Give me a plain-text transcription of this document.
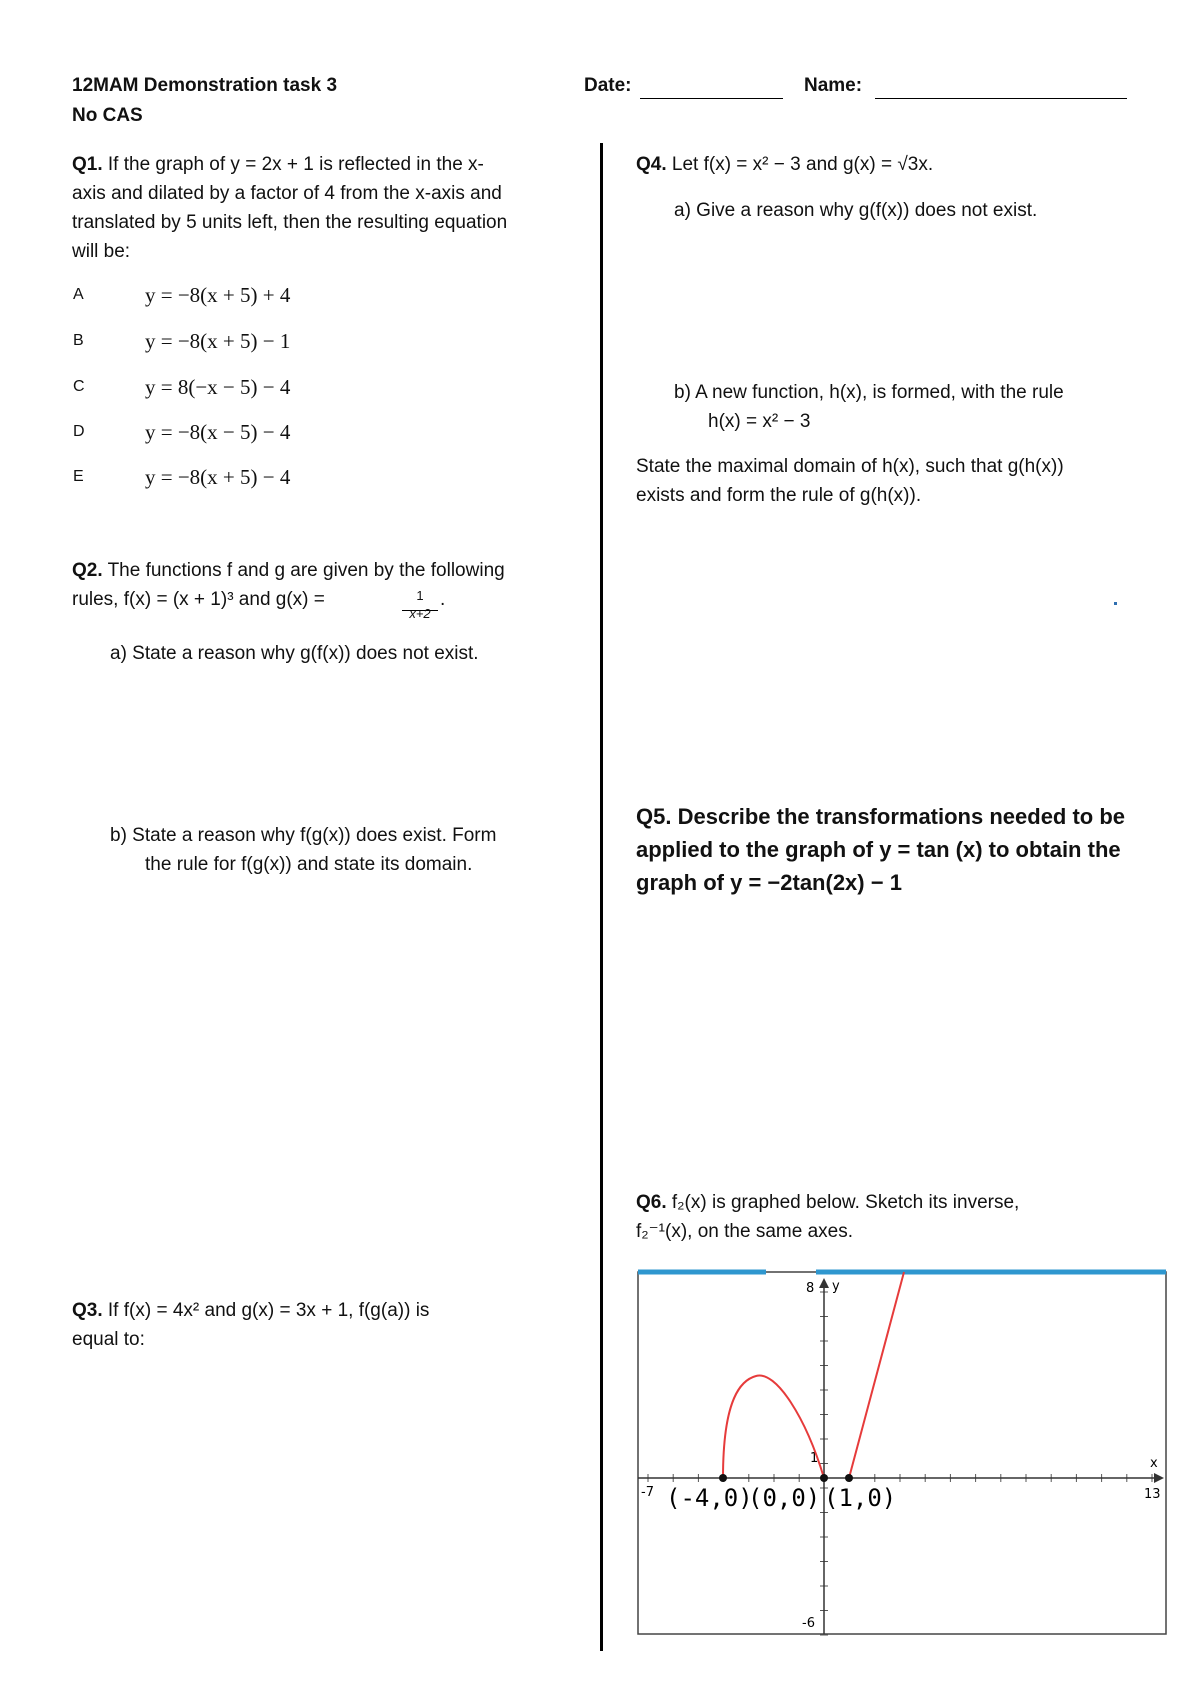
12MAM Demonstration task 3
No CAS
Date:	Name:
Q1. If the graph of y = 2x + 1 is reflected in the x-
axis and dilated by a factor of 4 from the x-axis and
translated by 5 units left, then the resulting equation
will be:
A	y = −8(x + 5) + 4
B	y = −8(x + 5) − 1
C	y = 8(−x − 5) − 4
D	y = −8(x − 5) − 4
E	y = −8(x + 5) − 4
Q2. The functions f and g are given by the following
rules, f(x) = (x + 1)³ and g(x) =	1
x+2
.
a) State a reason why g(f(x)) does not exist.
b) State a reason why f(g(x)) does exist. Form
the rule for f(g(x)) and state its domain.
Q3. If f(x) = 4x² and g(x) = 3x + 1, f(g(a)) is
equal to:
Q4. Let f(x) = x² − 3 and g(x) = √3x.
a) Give a reason why g(f(x)) does not exist.
b) A new function, h(x), is formed, with the rule
h(x) = x² − 3
State the maximal domain of h(x), such that g(h(x))
exists and form the rule of g(h(x)).
Q5. Describe the transformations needed to be
applied to the graph of y = tan (x) to obtain the
graph of y = −2tan(2x) − 1
Q6. f₂(x) is graphed below. Sketch its inverse,
f₂⁻¹(x), on the same axes.
x
y
8
-6
1
-7	13
(-4,0)
(0,0) (1,0)
